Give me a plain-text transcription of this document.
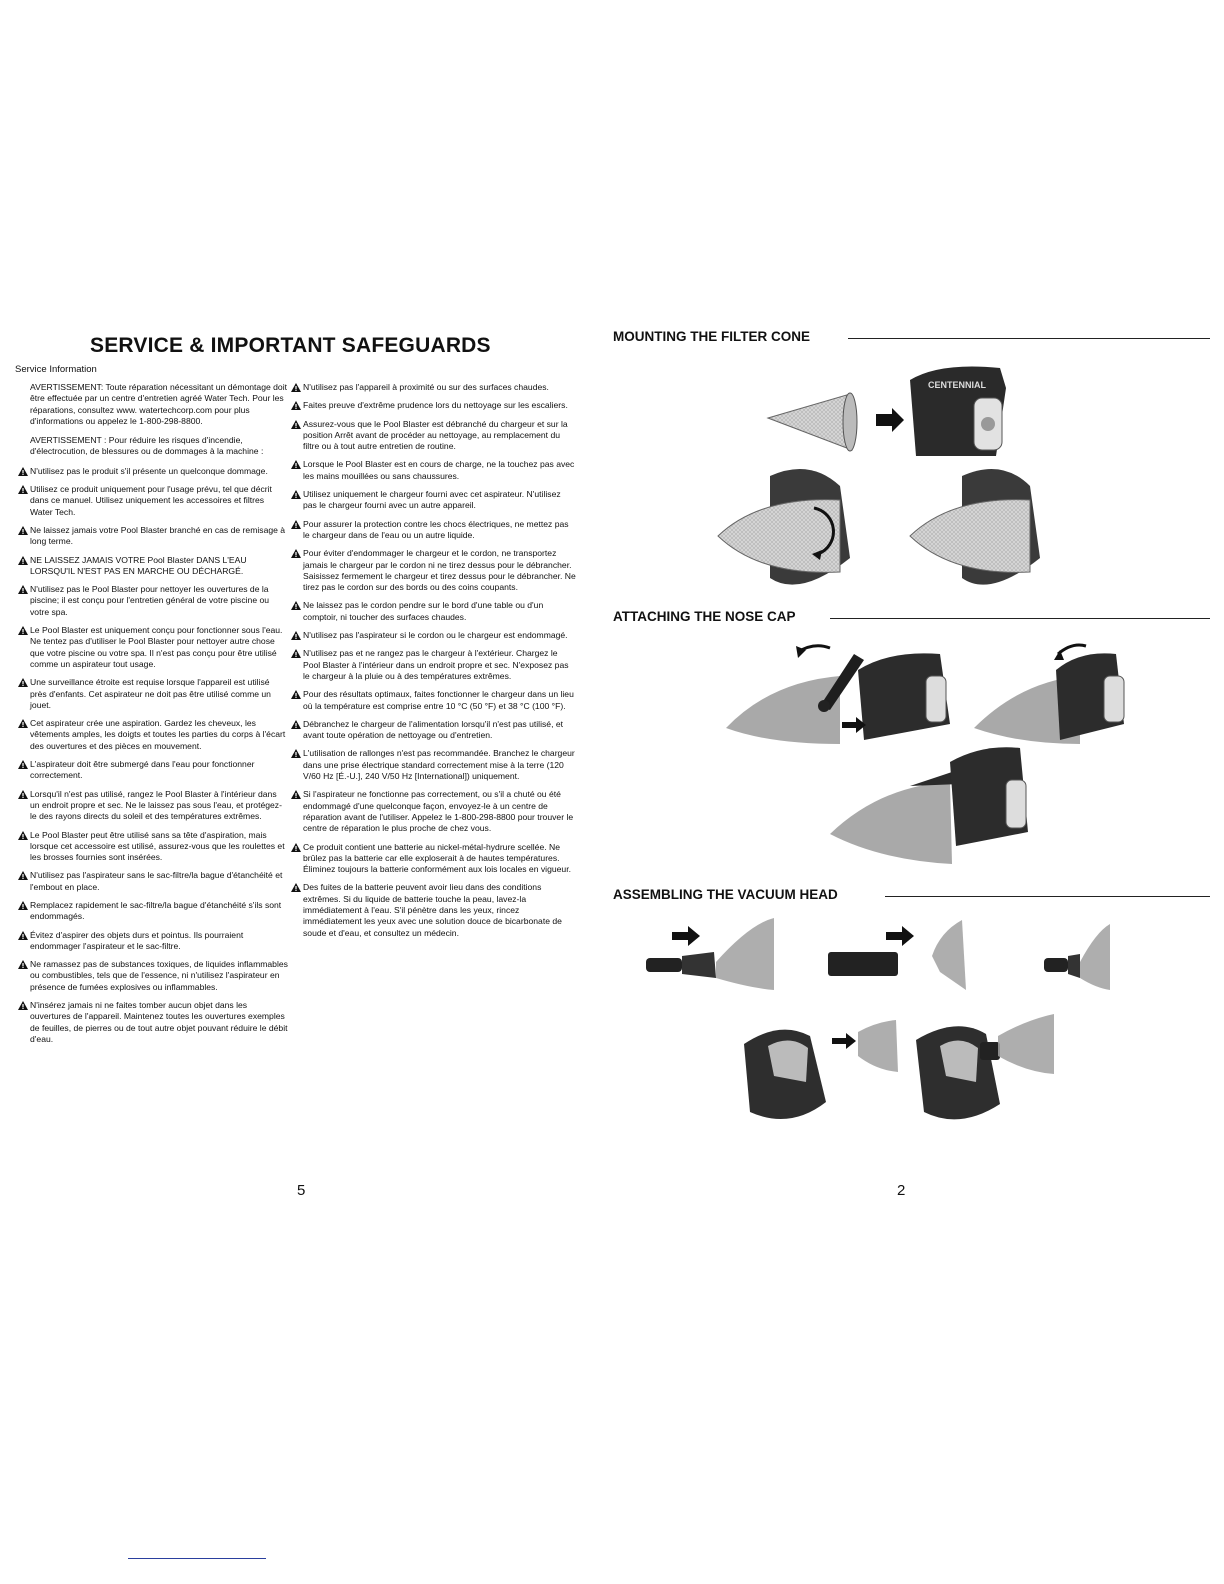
SERVICE & IMPORTANT SAFEGUARDS
Service Information

AVERTISSEMENT: Toute réparation nécessitant un démontage doit être effectuée par un centre d'entretien agréé Water Tech. Pour les réparations, consultez www. watertechcorp.com pour plus d'informations ou appelez le 1-800-298-8800.

AVERTISSEMENT : Pour réduire les risques d'incendie, d'électrocution, de blessures ou de dommages à la machine :

N'utilisez pas le produit s'il présente un quelconque dommage.
Utilisez ce produit uniquement pour l'usage prévu, tel que décrit dans ce manuel. Utilisez uniquement les accessoires et filtres Water Tech.
Ne laissez jamais votre Pool Blaster branché en cas de remisage à long terme.
NE LAISSEZ JAMAIS VOTRE Pool Blaster DANS L'EAU LORSQU'IL N'EST PAS EN MARCHE OU DÉCHARGÉ.
N'utilisez pas le Pool Blaster pour nettoyer les ouvertures de la piscine; il est conçu pour l'entretien général de votre piscine ou votre spa.
Le Pool Blaster est uniquement conçu pour fonctionner sous l'eau. Ne tentez pas d'utiliser le Pool Blaster pour nettoyer autre chose que votre piscine ou votre spa. Il n'est pas conçu pour être utilisé comme un aspirateur tout usage.
Une surveillance étroite est requise lorsque l'appareil est utilisé près d'enfants. Cet aspirateur ne doit pas être utilisé comme un jouet.
Cet aspirateur crée une aspiration. Gardez les cheveux, les vêtements amples, les doigts et toutes les parties du corps à l'écart des ouvertures et des pièces en mouvement.
L'aspirateur doit être submergé dans l'eau pour fonctionner correctement.
Lorsqu'il n'est pas utilisé, rangez le Pool Blaster à l'intérieur dans un endroit propre et sec. Ne le laissez pas sous l'eau, et protégez-le des rayons directs du soleil et des températures extrêmes.
Le Pool Blaster peut être utilisé sans sa tête d'aspiration, mais lorsque cet accessoire est utilisé, assurez-vous que les roulettes et les brosses fournies sont insérées.
N'utilisez pas l'aspirateur sans le sac-filtre/la bague d'étanchéité et l'embout en place.
Remplacez rapidement le sac-filtre/la bague d'étanchéité s'ils sont endommagés.
Évitez d'aspirer des objets durs et pointus. Ils pourraient endommager l'aspirateur et le sac-filtre.
Ne ramassez pas de substances toxiques, de liquides inflammables ou combustibles, tels que de l'essence, ni n'utilisez l'aspirateur en présence de fumées explosives ou inflammables.
N'insérez jamais ni ne faites tomber aucun objet dans les ouvertures de l'appareil. Maintenez toutes les ouvertures exemples de feuilles, de pierres ou de tout autre objet pouvant réduire le débit d'eau.
N'utilisez pas l'appareil à proximité ou sur des surfaces chaudes.
Faites preuve d'extrême prudence lors du nettoyage sur les escaliers.
Assurez-vous que le Pool Blaster est débranché du chargeur et sur la position Arrêt avant de procéder au nettoyage, au remplacement du filtre ou à tout autre entretien de routine.
Lorsque le Pool Blaster est en cours de charge, ne la touchez pas avec les mains mouillées ou sans chaussures.
Utilisez uniquement le chargeur fourni avec cet aspirateur. N'utilisez pas le chargeur fourni avec un autre appareil.
Pour assurer la protection contre les chocs électriques, ne mettez pas le chargeur dans de l'eau ou un autre liquide.
Pour éviter d'endommager le chargeur et le cordon, ne transportez jamais le chargeur par le cordon ni ne tirez dessus pour le débrancher. Saisissez fermement le chargeur et tirez dessus pour le débrancher. Ne tirez pas le cordon sur des bords ou des coins coupants.
Ne laissez pas le cordon pendre sur le bord d'une table ou d'un comptoir, ni toucher des surfaces chaudes.
N'utilisez pas l'aspirateur si le cordon ou le chargeur est endommagé.
N'utilisez pas et ne rangez pas le chargeur à l'extérieur. Chargez le Pool Blaster à l'intérieur dans un endroit propre et sec. N'exposez pas le chargeur à la pluie ou à des températures extrêmes.
Pour des résultats optimaux, faites fonctionner le chargeur dans un lieu où la température est comprise entre 10 °C (50 °F) et 38 °C (100 °F).
Débranchez le chargeur de l'alimentation lorsqu'il n'est pas utilisé, et avant toute opération de nettoyage ou d'entretien.
L'utilisation de rallonges n'est pas recommandée. Branchez le chargeur dans une prise électrique standard correctement mise à la terre (120 V/60 Hz [É.-U.], 240 V/50 Hz [International]) uniquement.
Si l'aspirateur ne fonctionne pas correctement, ou s'il a chuté ou été endommagé d'une quelconque façon, envoyez-le à un centre de réparation avant de l'utiliser. Appelez le 1-800-298-8800 pour trouver le centre de réparation le plus proche de chez vous.
Ce produit contient une batterie au nickel-métal-hydrure scellée. Ne brûlez pas la batterie car elle exploserait à de hautes températures. Éliminez toujours la batterie conformément aux lois locales en vigueur.
Des fuites de la batterie peuvent avoir lieu dans des conditions extrêmes. Si du liquide de batterie touche la peau, lavez-la immédiatement à l'eau. S'il pénètre dans les yeux, rincez immédiatement les yeux avec une solution douce de bicarbonate de soude et d'eau, et consultez un médecin.
5
MOUNTING THE FILTER CONE
CENTENNIAL
ATTACHING THE NOSE CAP
ASSEMBLING THE VACUUM HEAD
2
